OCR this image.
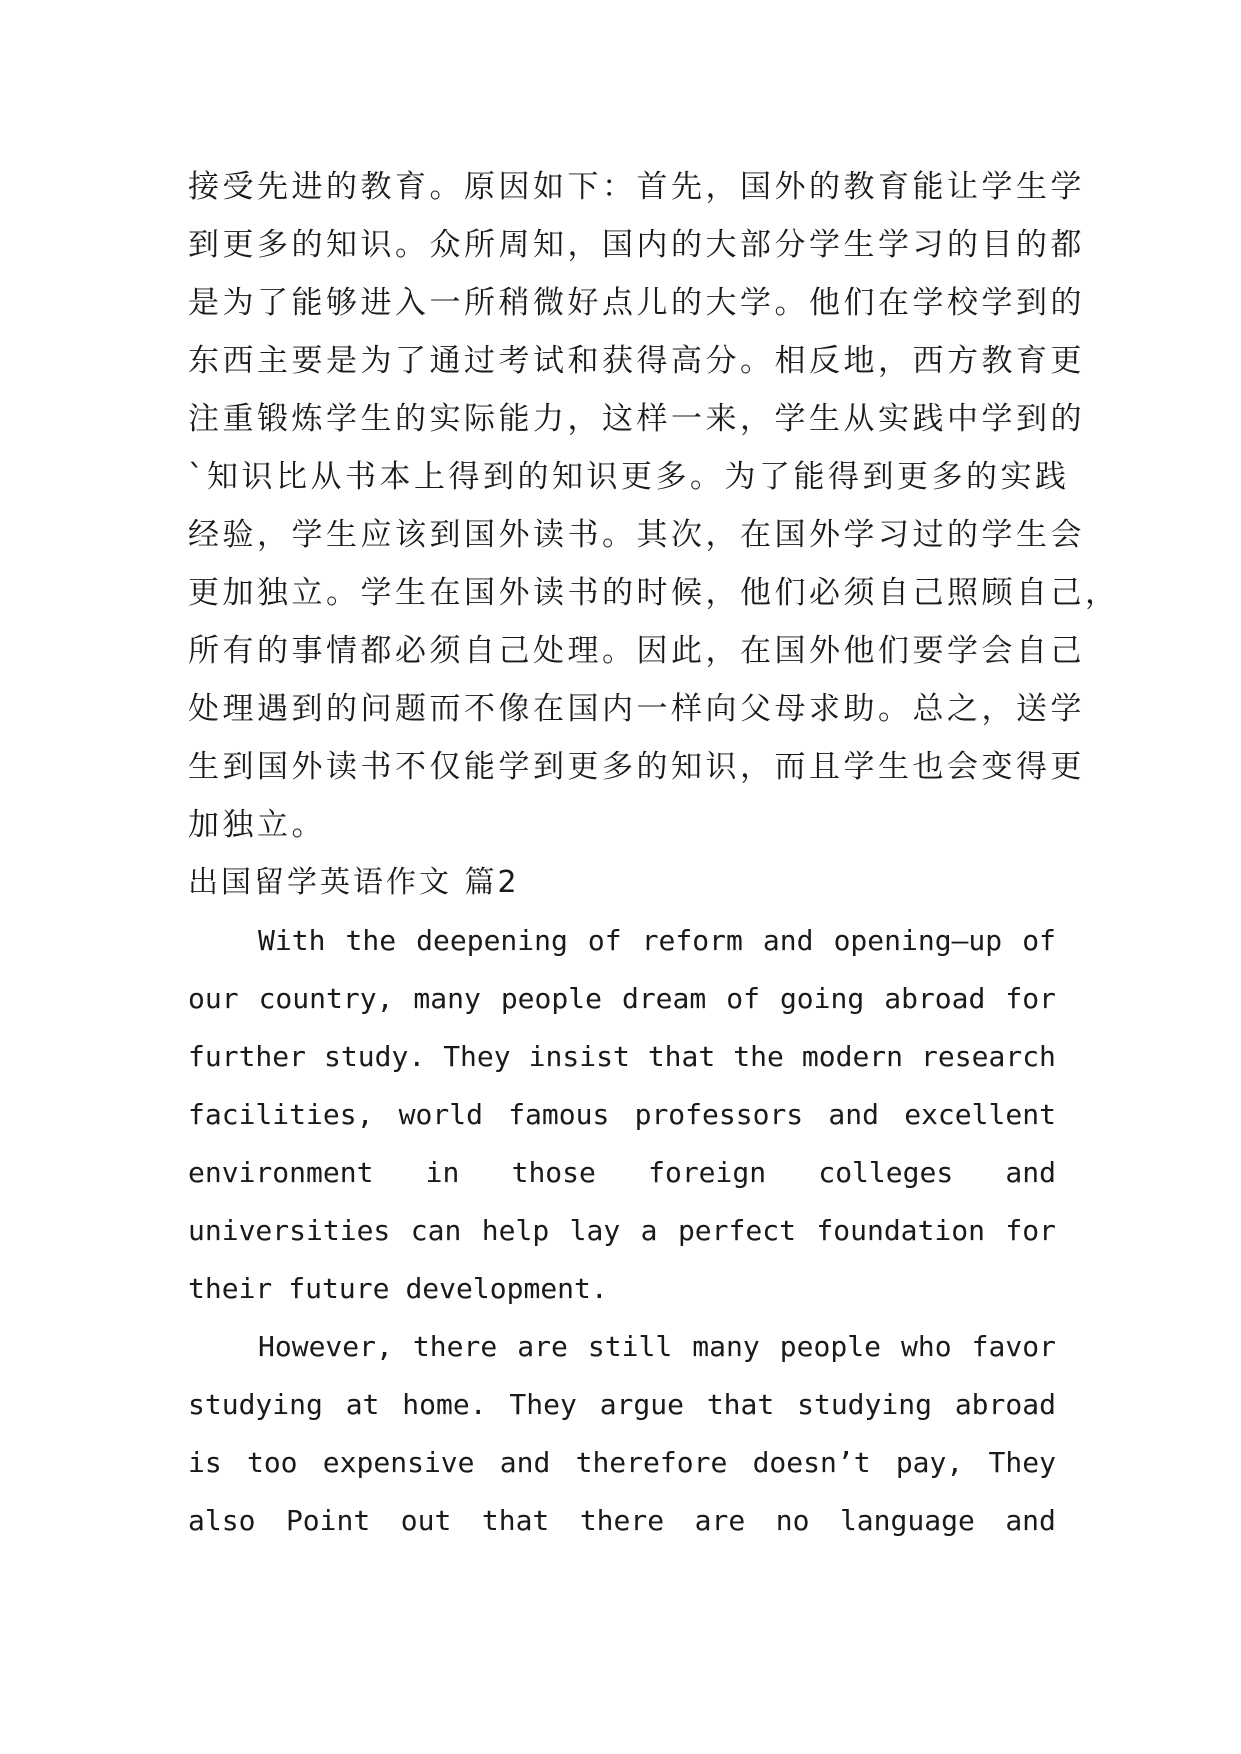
接受先进的教育。原因如下：首先，国外的教育能让学生学
到更多的知识。众所周知，国内的大部分学生学习的目的都
是为了能够进入一所稍微好点儿的大学。他们在学校学到的
东西主要是为了通过考试和获得高分。相反地，西方教育更
注重锻炼学生的实际能力，这样一来，学生从实践中学到的
`知识比从书本上得到的知识更多。为了能得到更多的实践
经验，学生应该到国外读书。其次，在国外学习过的学生会
更加独立。学生在国外读书的时候，他们必须自己照顾自己，
所有的事情都必须自己处理。因此，在国外他们要学会自己
处理遇到的问题而不像在国内一样向父母求助。总之，送学
生到国外读书不仅能学到更多的知识，而且学生也会变得更
加独立。
出国留学英语作文 篇2
With the deepening of reform and opening—up of
our country, many people dream of going abroad for
further study. They insist that the modern research
facilities, world famous professors and excellent
environment in those foreign colleges and
universities can help lay a perfect foundation for
their future development.
However, there are still many people who favor
studying at home. They argue that studying abroad
is too expensive and therefore doesn’t pay, They
also Point out that there are no language and
